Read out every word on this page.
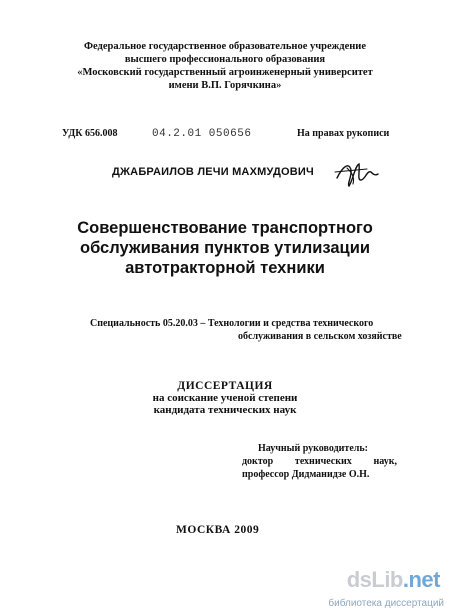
Федеральное государственное образовательное учреждение
высшего профессионального образования
«Московский государственный агроинженерный университет
имени В.П. Горячкина»
УДК 656.008	04.2.01 050656	На правах рукописи
ДЖАБРАИЛОВ ЛЕЧИ МАХМУДОВИЧ
Совершенствование транспортного
обслуживания пунктов утилизации
автотракторной техники
Специальность 05.20.03 – Технологии и средства технического
обслуживания в сельском хозяйстве
ДИССЕРТАЦИЯ
на соискание ученой степени
кандидата технических наук
Научный руководитель:
доктор технических наук,
профессор Дидманидзе О.Н.
МОСКВА 2009
dsLib.net
библиотека диссертаций
